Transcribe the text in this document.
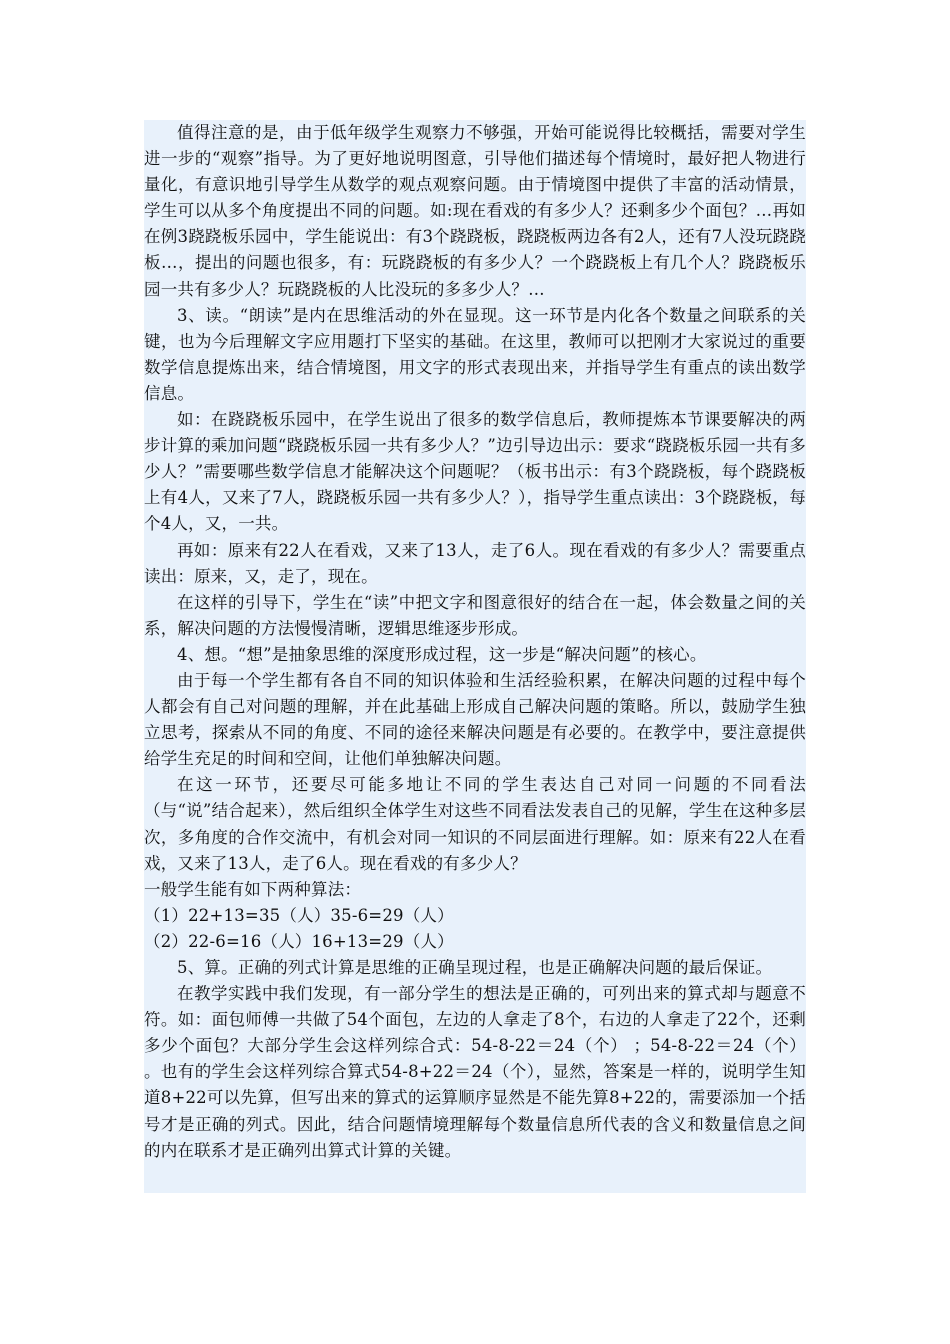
值得注意的是，由于低年级学生观察力不够强，开始可能说得比较概括，需要对学生进一步的“观察”指导。为了更好地说明图意，引导他们描述每个情境时，最好把人物进行量化，有意识地引导学生从数学的观点观察问题。由于情境图中提供了丰富的活动情景，学生可以从多个角度提出不同的问题。如:现在看戏的有多少人？还剩多少个面包？…再如在例3跷跷板乐园中，学生能说出：有3个跷跷板，跷跷板两边各有2人，还有7人没玩跷跷板…，提出的问题也很多，有：玩跷跷板的有多少人？一个跷跷板上有几个人？跷跷板乐园一共有多少人？玩跷跷板的人比没玩的多多少人？…

3、读。“朗读”是内在思维活动的外在显现。这一环节是内化各个数量之间联系的关键，也为今后理解文字应用题打下坚实的基础。在这里，教师可以把刚才大家说过的重要数学信息提炼出来，结合情境图，用文字的形式表现出来，并指导学生有重点的读出数学信息。

如：在跷跷板乐园中，在学生说出了很多的数学信息后，教师提炼本节课要解决的两步计算的乘加问题“跷跷板乐园一共有多少人？”边引导边出示：要求“跷跷板乐园一共有多少人？”需要哪些数学信息才能解决这个问题呢？（板书出示：有3个跷跷板，每个跷跷板上有4人，又来了7人，跷跷板乐园一共有多少人？），指导学生重点读出：3个跷跷板，每个4人，又，一共。

再如：原来有22人在看戏，又来了13人，走了6人。现在看戏的有多少人？需要重点读出：原来，又，走了，现在。

在这样的引导下，学生在“读”中把文字和图意很好的结合在一起，体会数量之间的关系，解决问题的方法慢慢清晰，逻辑思维逐步形成。

4、想。“想”是抽象思维的深度形成过程，这一步是“解决问题”的核心。

由于每一个学生都有各自不同的知识体验和生活经验积累，在解决问题的过程中每个人都会有自己对问题的理解，并在此基础上形成自己解决问题的策略。所以，鼓励学生独立思考，探索从不同的角度、不同的途径来解决问题是有必要的。在教学中，要注意提供给学生充足的时间和空间，让他们单独解决问题。

在这一环节，还要尽可能多地让不同的学生表达自己对同一问题的不同看法（与“说”结合起来），然后组织全体学生对这些不同看法发表自己的见解，学生在这种多层次，多角度的合作交流中，有机会对同一知识的不同层面进行理解。如：原来有22人在看戏，又来了13人，走了6人。现在看戏的有多少人？

一般学生能有如下两种算法：

（1）22+13=35（人）35-6=29（人）

（2）22-6=16（人）16+13=29（人）

5、算。正确的列式计算是思维的正确呈现过程，也是正确解决问题的最后保证。

在教学实践中我们发现，有一部分学生的想法是正确的，可列出来的算式却与题意不符。如：面包师傅一共做了54个面包，左边的人拿走了8个，右边的人拿走了22个，还剩多少个面包？大部分学生会这样列综合式：54-8-22＝24（个） ；54-8-22＝24（个） 。也有的学生会这样列综合算式54-8+22＝24（个），显然，答案是一样的，说明学生知道8+22可以先算，但写出来的算式的运算顺序显然是不能先算8+22的，需要添加一个括号才是正确的列式。因此，结合问题情境理解每个数量信息所代表的含义和数量信息之间的内在联系才是正确列出算式计算的关键。
